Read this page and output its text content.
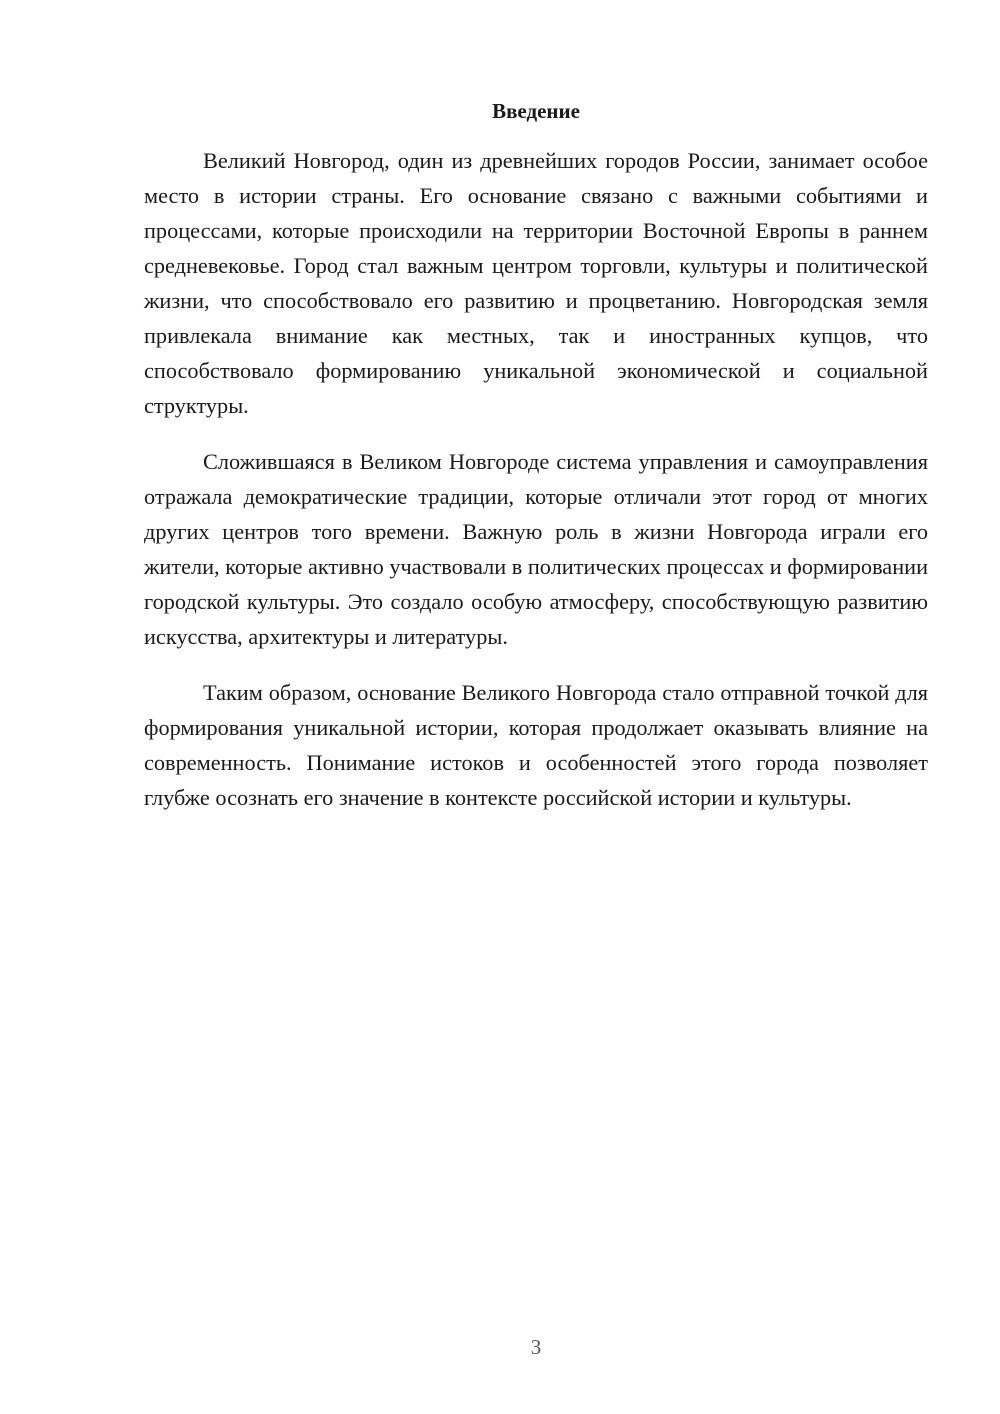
Введение

Великий Новгород, один из древнейших городов России, занимает особое место в истории страны. Его основание связано с важными событиями и процессами, которые происходили на территории Восточной Европы в раннем средневековье. Город стал важным центром торговли, культуры и политической жизни, что способствовало его развитию и процветанию. Новгородская земля привлекала внимание как местных, так и иностранных купцов, что способствовало формированию уникальной экономической и социальной структуры.

Сложившаяся в Великом Новгороде система управления и самоуправления отражала демократические традиции, которые отличали этот город от многих других центров того времени. Важную роль в жизни Новгорода играли его жители, которые активно участвовали в политических процессах и формировании городской культуры. Это создало особую атмосферу, способствующую развитию искусства, архитектуры и литературы.

Таким образом, основание Великого Новгорода стало отправной точкой для формирования уникальной истории, которая продолжает оказывать влияние на современность. Понимание истоков и особенностей этого города позволяет глубже осознать его значение в контексте российской истории и культуры.

3
